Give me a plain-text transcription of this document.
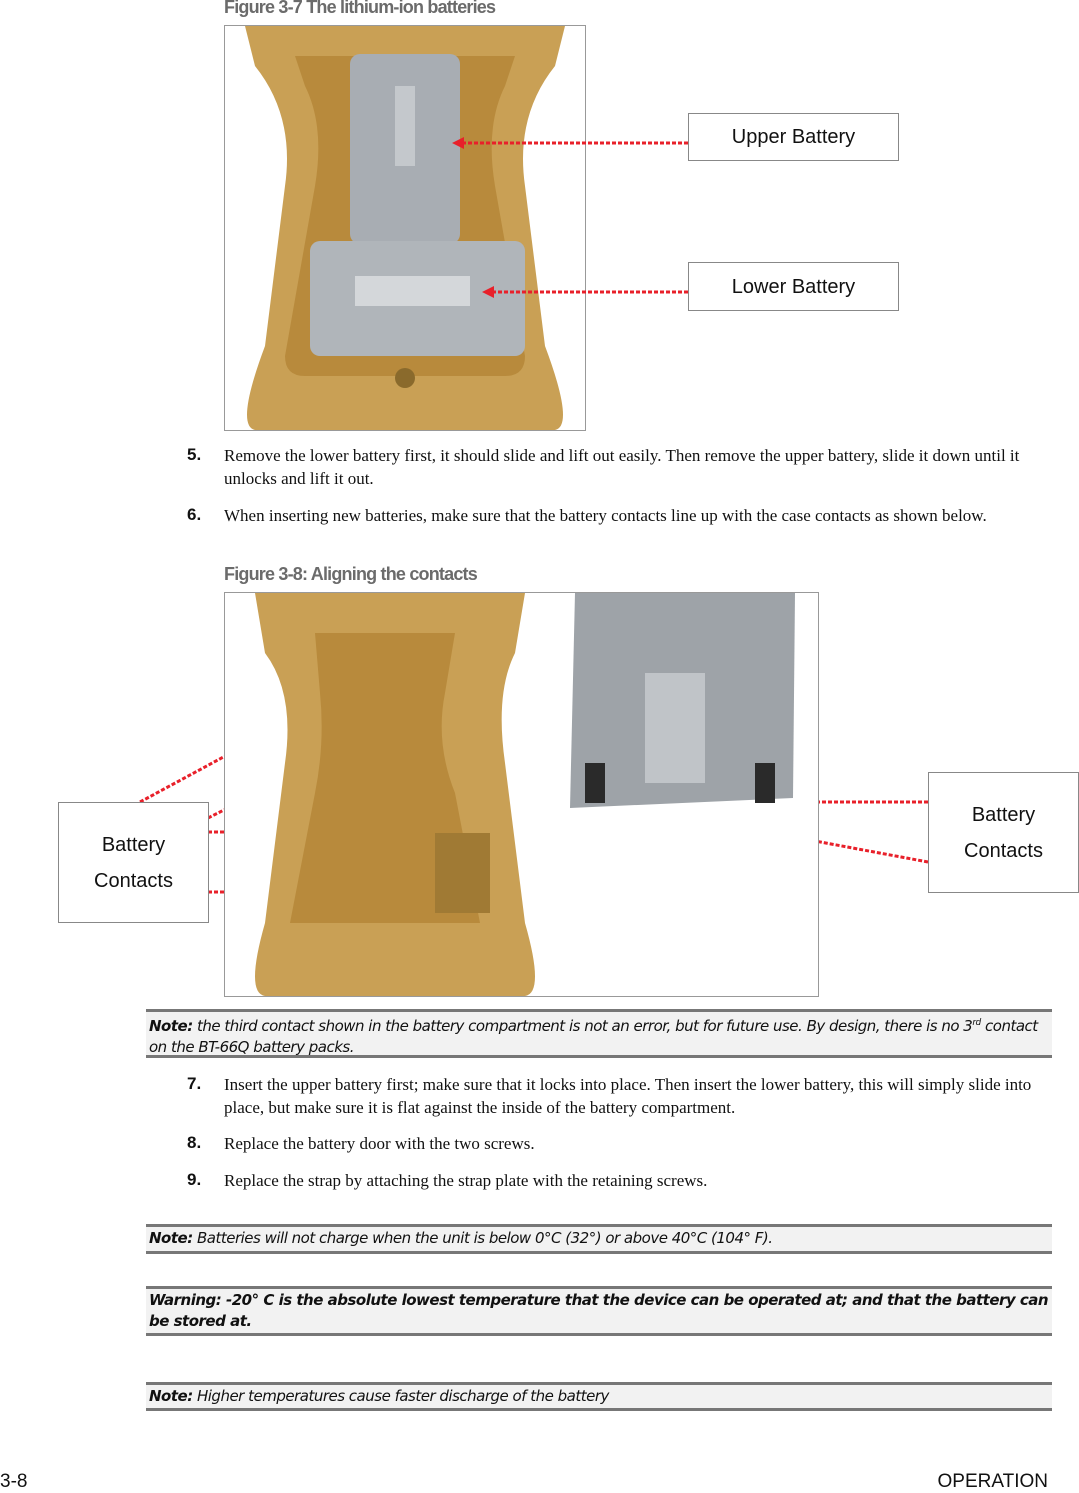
Figure 3-7 The lithium-ion batteries
Upper Battery
Lower Battery
5. Remove the lower battery first, it should slide and lift out easily. Then remove the upper battery, slide it down until it unlocks and lift it out.
6. When inserting new batteries, make sure that the battery contacts line up with the case contacts as shown below.
Figure 3-8: Aligning the contacts
Battery
Contacts
Battery
Contacts
Note: the third contact shown in the battery compartment is not an error, but for future use. By design, there is no 3rd contact on the BT-66Q battery packs.
7. Insert the upper battery first; make sure that it locks into place. Then insert the lower battery, this will simply slide into place, but make sure it is flat against the inside of the battery compartment.
8. Replace the battery door with the two screws.
9. Replace the strap by attaching the strap plate with the retaining screws.
Note: Batteries will not charge when the unit is below 0°C (32°) or above 40°C (104° F).
Warning: -20° C is the absolute lowest temperature that the device can be operated at; and that the battery can be stored at.
Note: Higher temperatures cause faster discharge of the battery
3-8	OPERATION
